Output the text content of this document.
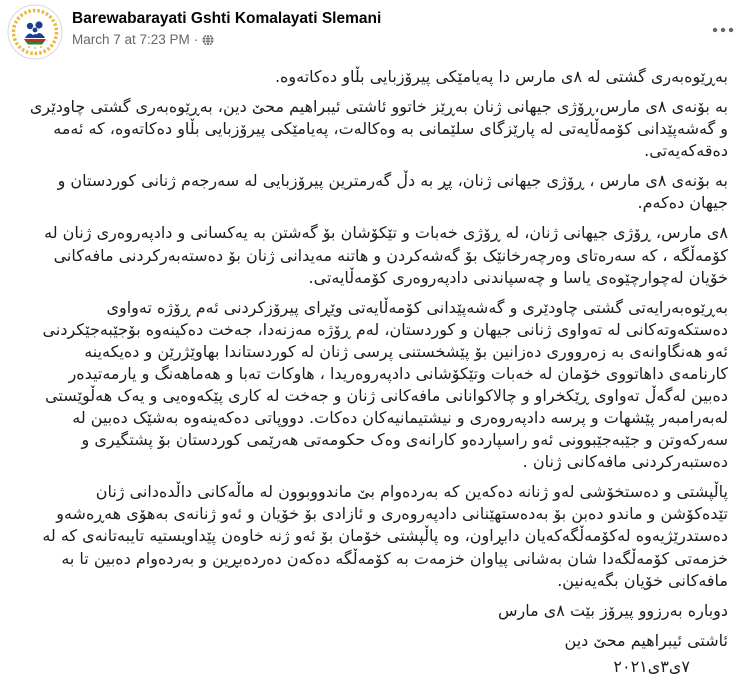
Barewabarayati Gshti Komalayati Slemani
March 7 at 7:23 PM ·

بەڕێوەبەری گشتی لە ٨ی مارس دا پەیامێکی پیرۆزبایی بڵاو دەکاتەوە.

بە بۆنەی ٨ی مارس،ڕۆژی جیهانی ژنان بەڕێز خاتوو ئاشتی ئیبراهیم محێ دین، بەڕێوەبەری گشتی چاودێری و گەشەپێدانی کۆمەڵایەتی لە پارێزگای سلێمانی بە وەکالەت، پەیامێکی پیرۆزبایی بڵاو دەکاتەوە، کە ئەمە دەقەکەیەتی.

بە بۆنەی ٨ی مارس ، ڕۆژی جیهانی ژنان، پڕ بە دڵ گەرمترین پیرۆزبایی لە سەرجەم ژنانی کوردستان و جیهان دەکەم.

٨ی مارس، ڕۆژی جیهانی ژنان، لە ڕۆژی خەبات و تێکۆشان بۆ گەشتن بە یەکسانی و دادپەروەری ژنان لە کۆمەڵگە ، کە سەرەتای وەرچەرخانێک بۆ گەشەکردن و هاتنە مەیدانی ژنان بۆ دەستەبەرکردنی مافەکانی خۆیان لەچوارچێوەی یاسا و چەسپاندنی دادپەروەری کۆمەڵایەتی.

بەڕێوەبەرایەتی گشتی چاودێری و گەشەپێدانی کۆمەڵایەتی وێڕای پیرۆزکردنی ئەم ڕۆژە تەواوی دەستکەوتەکانی لە تەواوی ژنانی جیهان و کوردستان، لەم ڕۆژە مەزنەدا، جەخت دەکینەوە بۆجێبەجێکردنی ئەو هەنگاوانەی بە زەرووری دەزانین بۆ پێشخستنی پرسی ژنان لە کوردستاندا بهاوێژرێن و دەیکەینە کارنامەی داهاتووی خۆمان لە خەبات وتێکۆشانی دادپەروەریدا ، هاوکات تەبا و هەماهەنگ و یارمەتیدەر دەبین لەگەڵ تەواوی ڕێکخراو و چالاکوانانی مافەکانی ژنان و جەخت لە کاری پێکەوەیی و یەک هەڵوێستی لەبەرامبەر پێشهات و پرسە دادپەروەری و نیشتیمانیەکان دەکات. دووپاتی دەکەینەوە بەشێک دەبین لە سەرکەوتن و جێبەجێبوونی ئەو راسپاردەو کارانەی وەک حکومەتی هەرێمی کوردستان بۆ پشتگیری و دەستبەرکردنی مافەکانی ژنان .

پاڵپشتی و دەستخۆشی لەو ژنانە دەکەین کە بەردەوام بێ ماندووبوون لە ماڵەکانی داڵدەدانی ژنان تێدەکۆشن و ماندو دەبن بۆ بەدەستهێنانی دادپەروەری و ئازادی بۆ خۆیان و ئەو ژنانەی بەهۆی هەڕەشەو دەستدرێژیەوە لەکۆمەڵگەکەیان دابڕاون، وە پاڵپشتی خۆمان بۆ ئەو ژنە خاوەن پێداویستیە تایبەتانەی کە لە خزمەتی کۆمەڵگەدا شان بەشانی پیاوان خزمەت بە کۆمەڵگە دەکەن دەردەبڕین و بەردەوام دەبین تا بە مافەکانی خۆیان بگەیەنین.

دوبارە بەرزوو پیرۆز بێت ٨ی مارس

ئاشتی ئیبراهیم محێ دین

٧ی٣ی٢٠٢١
